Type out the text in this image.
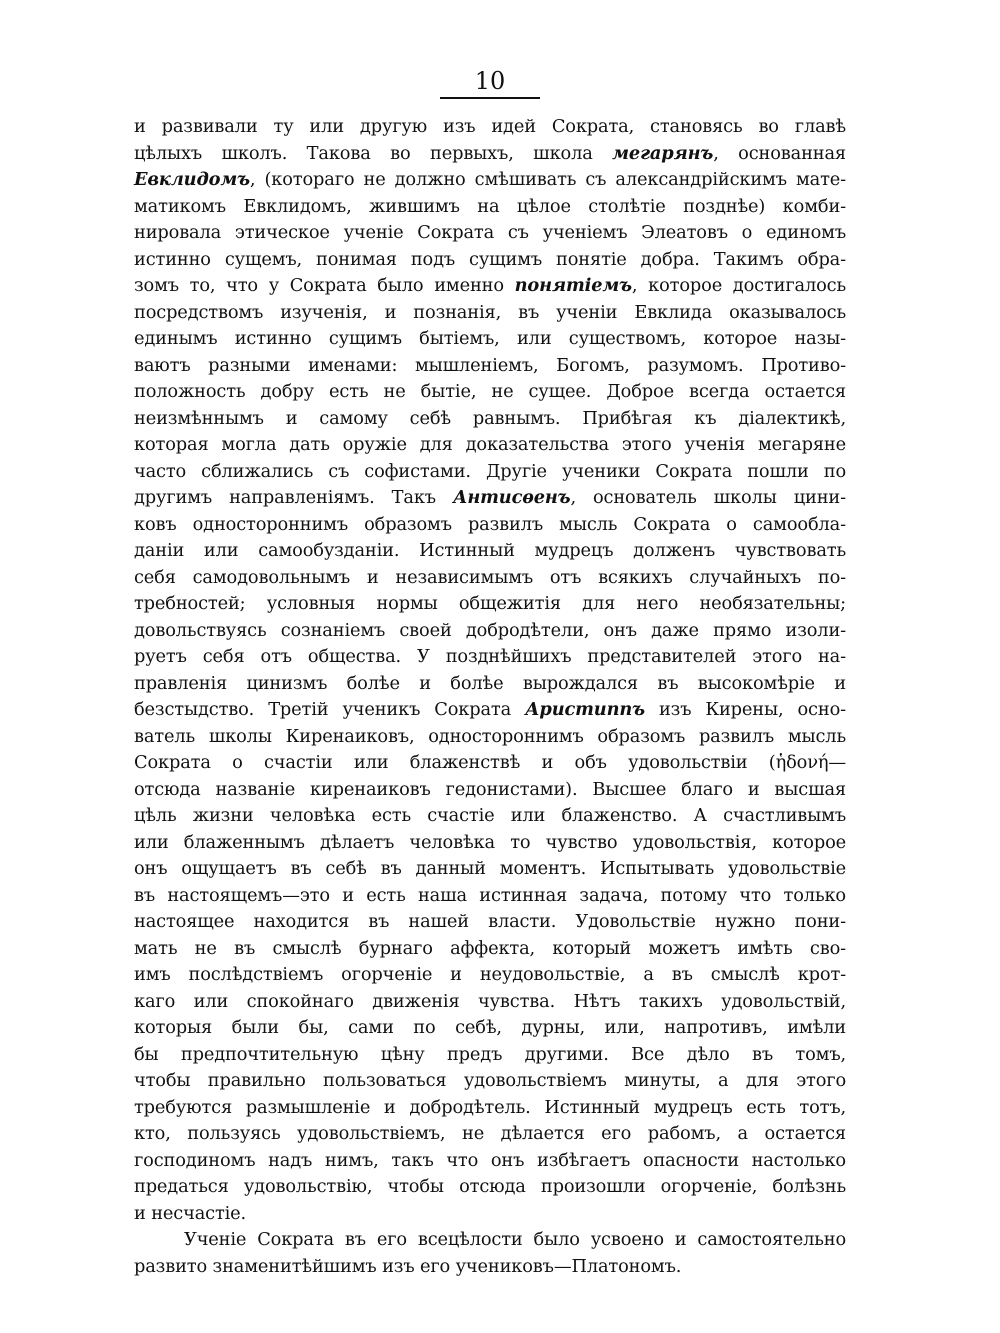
10
и развивали ту или другую изъ идей Сократа, становясь во главѣ
цѣлыхъ школъ. Такова во первыхъ, школа мегарянъ, основанная
Евклидомъ, (котораго не должно смѣшивать съ александрійскимъ мате-
матикомъ Евклидомъ, жившимъ на цѣлое столѣтіе позднѣе) комби-
нировала этическое ученіе Сократа съ ученіемъ Элеатовъ о единомъ
истинно сущемъ, понимая подъ сущимъ понятіе добра. Такимъ обра-
зомъ то, что у Сократа было именно понятіемъ, которое достигалось
посредствомъ изученія, и познанія, въ ученіи Евклида оказывалось
единымъ истинно сущимъ бытіемъ, или существомъ, которое назы-
ваютъ разными именами: мышленіемъ, Богомъ, разумомъ. Противо-
положность добру есть не бытіе, не сущее. Доброе всегда остается
неизмѣннымъ и самому себѣ равнымъ. Прибѣгая къ діалектикѣ,
которая могла дать оружіе для доказательства этого ученія мегаряне
часто сближались съ софистами. Другіе ученики Сократа пошли по
другимъ направленіямъ. Такъ Антисѳенъ, основатель школы цини-
ковъ одностороннимъ образомъ развилъ мысль Сократа о самообла-
даніи или самообузданіи. Истинный мудрецъ долженъ чувствовать
себя самодовольнымъ и независимымъ отъ всякихъ случайныхъ по-
требностей; условныя нормы общежитія для него необязательны;
довольствуясь сознаніемъ своей добродѣтели, онъ даже прямо изоли-
руетъ себя отъ общества. У позднѣйшихъ представителей этого на-
правленія цинизмъ болѣе и болѣе вырождался въ высокомѣріе и
безстыдство. Третій ученикъ Сократа Аристиппъ изъ Кирены, осно-
ватель школы Киренаиковъ, одностороннимъ образомъ развилъ мысль
Сократа о счастіи или блаженствѣ и объ удовольствіи (ἡδονή—
отсюда названіе киренаиковъ гедонистами). Высшее благо и высшая
цѣль жизни человѣка есть счастіе или блаженство. А счастливымъ
или блаженнымъ дѣлаетъ человѣка то чувство удовольствія, которое
онъ ощущаетъ въ себѣ въ данный моментъ. Испытывать удовольствіе
въ настоящемъ—это и есть наша истинная задача, потому что только
настоящее находится въ нашей власти. Удовольствіе нужно пони-
мать не въ смыслѣ бурнаго аффекта, который можетъ имѣть сво-
имъ послѣдствіемъ огорченіе и неудовольствіе, а въ смыслѣ крот-
каго или спокойнаго движенія чувства. Нѣтъ такихъ удовольствій,
которыя были бы, сами по себѣ, дурны, или, напротивъ, имѣли
бы предпочтительную цѣну предъ другими. Все дѣло въ томъ,
чтобы правильно пользоваться удовольствіемъ минуты, а для этого
требуются размышленіе и добродѣтель. Истинный мудрецъ есть тотъ,
кто, пользуясь удовольствіемъ, не дѣлается его рабомъ, а остается
господиномъ надъ нимъ, такъ что онъ избѣгаетъ опасности настолько
предаться удовольствію, чтобы отсюда произошли огорченіе, болѣзнь
и несчастіе.
Ученіе Сократа въ его всецѣлости было усвоено и самостоятельно
развито знаменитѣйшимъ изъ его учениковъ—Платономъ.
